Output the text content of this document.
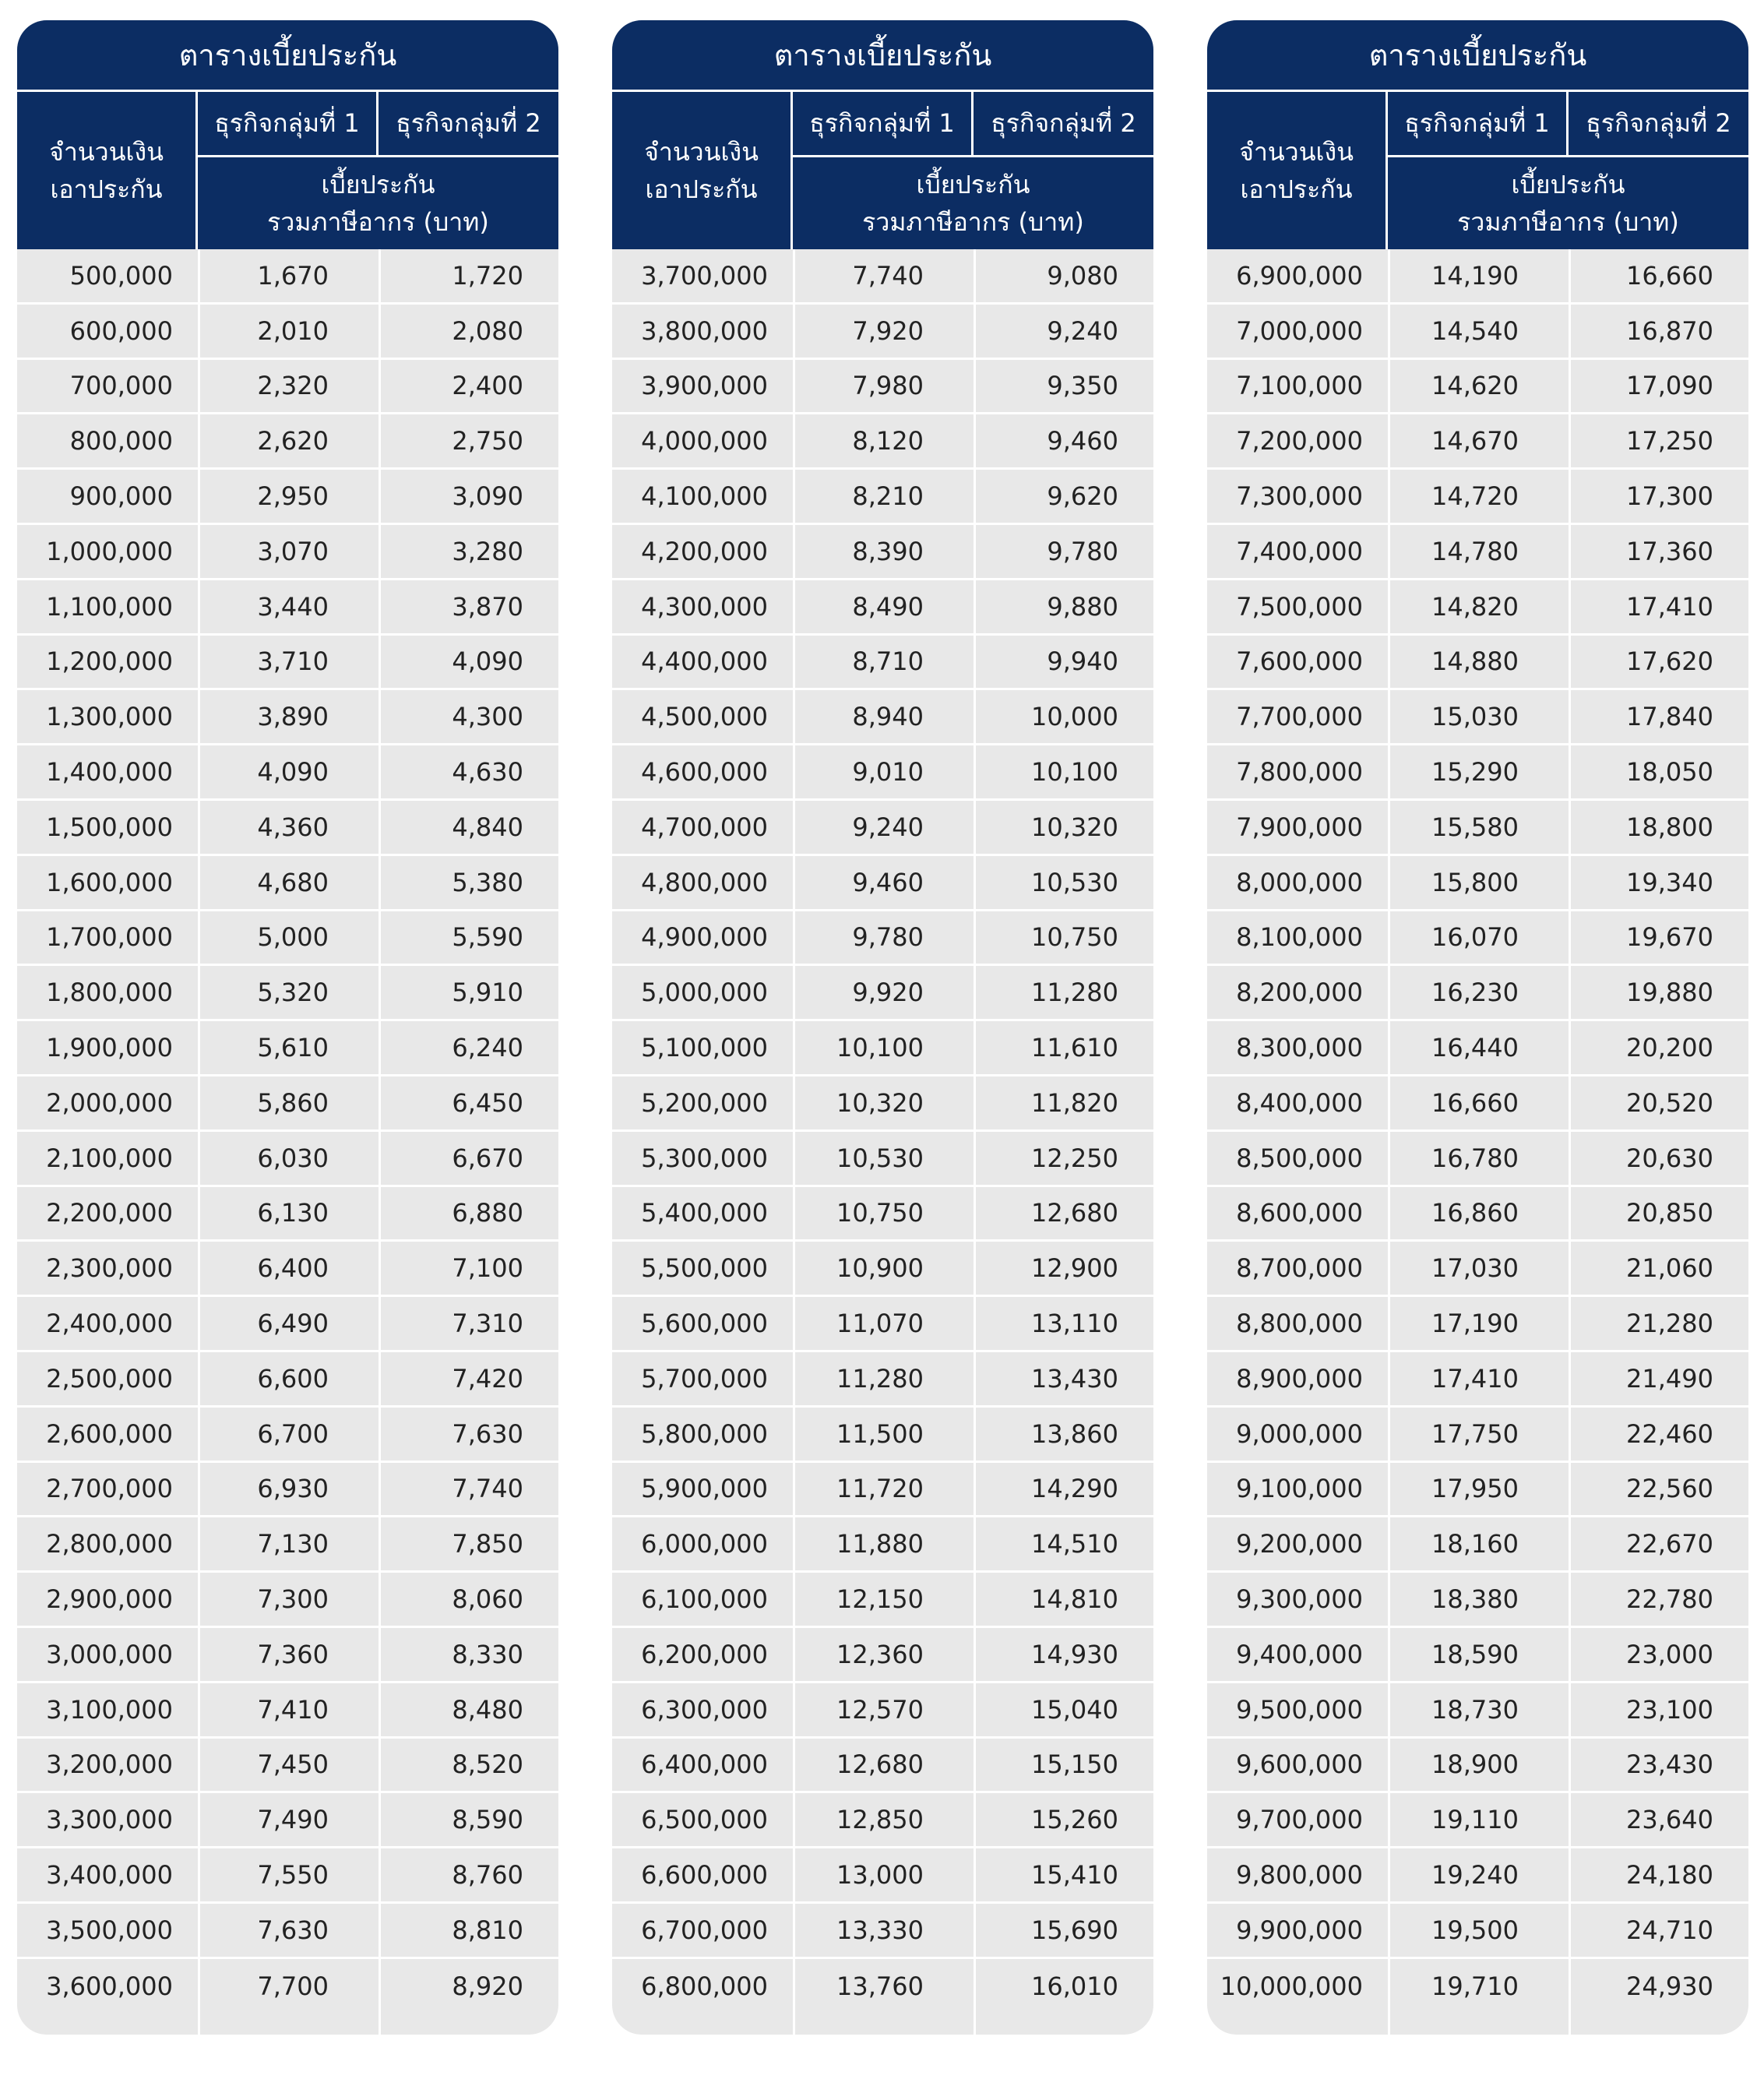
ตารางเบี้ยประกัน
จำนวนเงิน
เอาประกัน
ธุรกิจกลุ่มที่ 1	ธุรกิจกลุ่มที่ 2
เบี้ยประกัน
รวมภาษีอากร (บาท)
500,000	1,670	1,720
600,000	2,010	2,080
700,000	2,320	2,400
800,000	2,620	2,750
900,000	2,950	3,090
1,000,000	3,070	3,280
1,100,000	3,440	3,870
1,200,000	3,710	4,090
1,300,000	3,890	4,300
1,400,000	4,090	4,630
1,500,000	4,360	4,840
1,600,000	4,680	5,380
1,700,000	5,000	5,590
1,800,000	5,320	5,910
1,900,000	5,610	6,240
2,000,000	5,860	6,450
2,100,000	6,030	6,670
2,200,000	6,130	6,880
2,300,000	6,400	7,100
2,400,000	6,490	7,310
2,500,000	6,600	7,420
2,600,000	6,700	7,630
2,700,000	6,930	7,740
2,800,000	7,130	7,850
2,900,000	7,300	8,060
3,000,000	7,360	8,330
3,100,000	7,410	8,480
3,200,000	7,450	8,520
3,300,000	7,490	8,590
3,400,000	7,550	8,760
3,500,000	7,630	8,810
3,600,000	7,700	8,920
ตารางเบี้ยประกัน
จำนวนเงิน
เอาประกัน
ธุรกิจกลุ่มที่ 1	ธุรกิจกลุ่มที่ 2
เบี้ยประกัน
รวมภาษีอากร (บาท)
3,700,000	7,740	9,080
3,800,000	7,920	9,240
3,900,000	7,980	9,350
4,000,000	8,120	9,460
4,100,000	8,210	9,620
4,200,000	8,390	9,780
4,300,000	8,490	9,880
4,400,000	8,710	9,940
4,500,000	8,940	10,000
4,600,000	9,010	10,100
4,700,000	9,240	10,320
4,800,000	9,460	10,530
4,900,000	9,780	10,750
5,000,000	9,920	11,280
5,100,000	10,100	11,610
5,200,000	10,320	11,820
5,300,000	10,530	12,250
5,400,000	10,750	12,680
5,500,000	10,900	12,900
5,600,000	11,070	13,110
5,700,000	11,280	13,430
5,800,000	11,500	13,860
5,900,000	11,720	14,290
6,000,000	11,880	14,510
6,100,000	12,150	14,810
6,200,000	12,360	14,930
6,300,000	12,570	15,040
6,400,000	12,680	15,150
6,500,000	12,850	15,260
6,600,000	13,000	15,410
6,700,000	13,330	15,690
6,800,000	13,760	16,010
ตารางเบี้ยประกัน
จำนวนเงิน
เอาประกัน
ธุรกิจกลุ่มที่ 1	ธุรกิจกลุ่มที่ 2
เบี้ยประกัน
รวมภาษีอากร (บาท)
6,900,000	14,190	16,660
7,000,000	14,540	16,870
7,100,000	14,620	17,090
7,200,000	14,670	17,250
7,300,000	14,720	17,300
7,400,000	14,780	17,360
7,500,000	14,820	17,410
7,600,000	14,880	17,620
7,700,000	15,030	17,840
7,800,000	15,290	18,050
7,900,000	15,580	18,800
8,000,000	15,800	19,340
8,100,000	16,070	19,670
8,200,000	16,230	19,880
8,300,000	16,440	20,200
8,400,000	16,660	20,520
8,500,000	16,780	20,630
8,600,000	16,860	20,850
8,700,000	17,030	21,060
8,800,000	17,190	21,280
8,900,000	17,410	21,490
9,000,000	17,750	22,460
9,100,000	17,950	22,560
9,200,000	18,160	22,670
9,300,000	18,380	22,780
9,400,000	18,590	23,000
9,500,000	18,730	23,100
9,600,000	18,900	23,430
9,700,000	19,110	23,640
9,800,000	19,240	24,180
9,900,000	19,500	24,710
10,000,000	19,710	24,930
